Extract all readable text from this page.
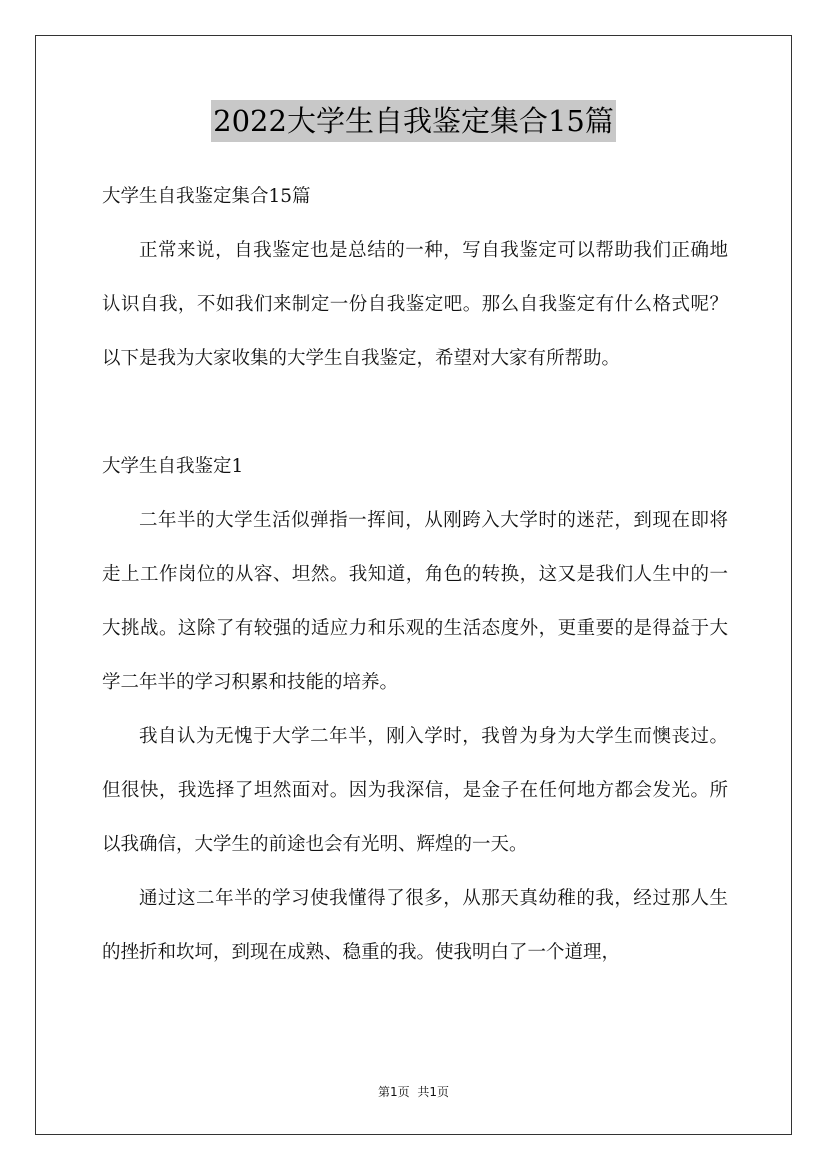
2022大学生自我鉴定集合15篇

大学生自我鉴定集合15篇

正常来说，自我鉴定也是总结的一种，写自我鉴定可以帮助我们正确地认识自我，不如我们来制定一份自我鉴定吧。那么自我鉴定有什么格式呢？以下是我为大家收集的大学生自我鉴定，希望对大家有所帮助。

大学生自我鉴定1

二年半的大学生活似弹指一挥间，从刚跨入大学时的迷茫，到现在即将走上工作岗位的从容、坦然。我知道，角色的转换，这又是我们人生中的一大挑战。这除了有较强的适应力和乐观的生活态度外，更重要的是得益于大学二年半的学习积累和技能的培养。

我自认为无愧于大学二年半，刚入学时，我曾为身为大学生而懊丧过。但很快，我选择了坦然面对。因为我深信，是金子在任何地方都会发光。所以我确信，大学生的前途也会有光明、辉煌的一天。

通过这二年半的学习使我懂得了很多，从那天真幼稚的我，经过那人生的挫折和坎坷，到现在成熟、稳重的我。使我明白了一个道理，

第1页 共1页
